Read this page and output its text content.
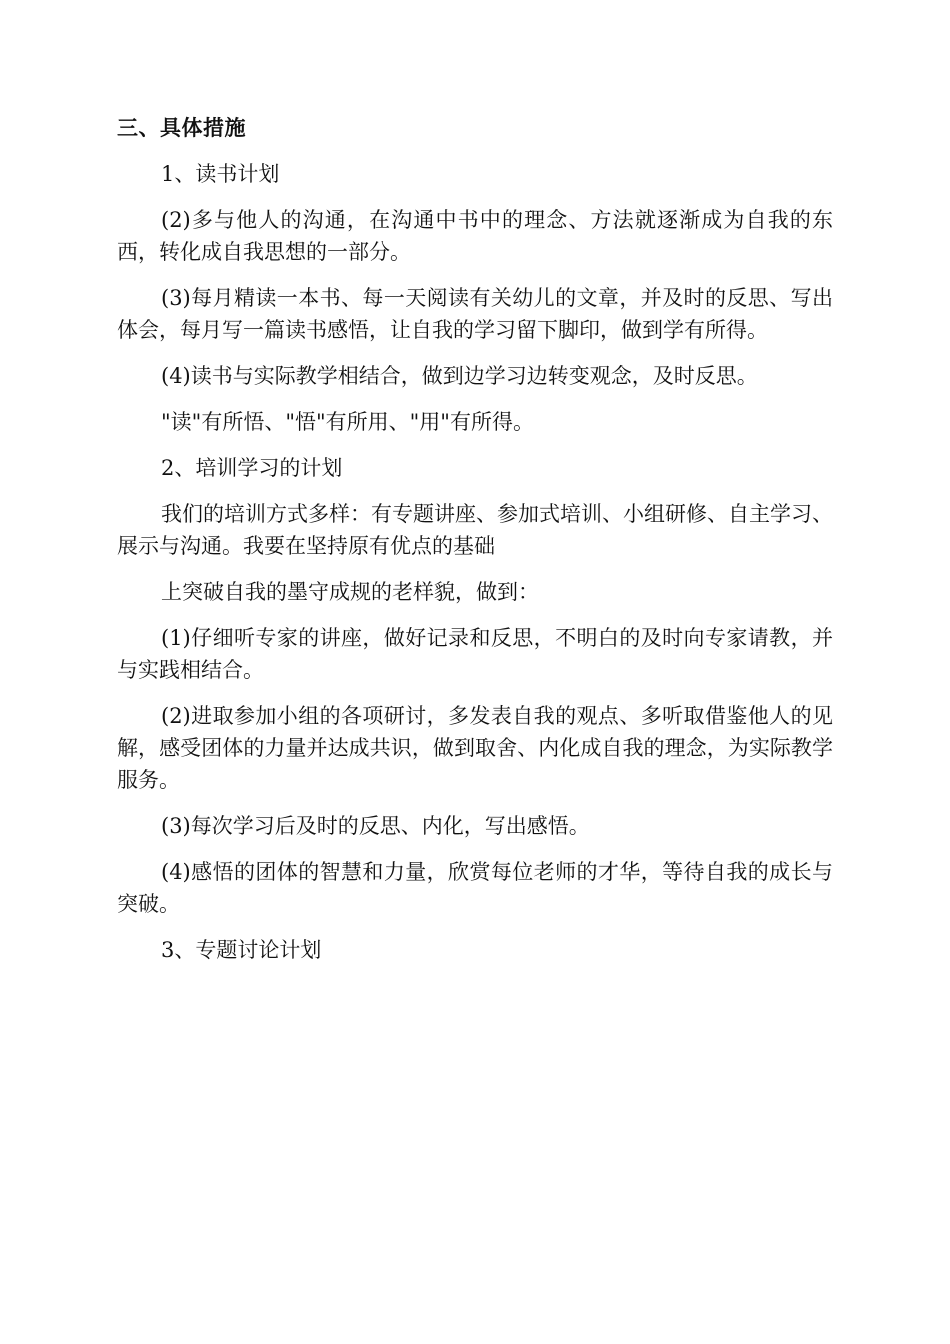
三、具体措施

1、读书计划

(2)多与他人的沟通，在沟通中书中的理念、方法就逐渐成为自我的东西，转化成自我思想的一部分。

(3)每月精读一本书、每一天阅读有关幼儿的文章，并及时的反思、写出体会，每月写一篇读书感悟，让自我的学习留下脚印，做到学有所得。

(4)读书与实际教学相结合，做到边学习边转变观念，及时反思。

"读"有所悟、"悟"有所用、"用"有所得。

2、培训学习的计划

我们的培训方式多样：有专题讲座、参加式培训、小组研修、自主学习、展示与沟通。我要在坚持原有优点的基础

上突破自我的墨守成规的老样貌，做到：

(1)仔细听专家的讲座，做好记录和反思，不明白的及时向专家请教，并与实践相结合。

(2)进取参加小组的各项研讨，多发表自我的观点、多听取借鉴他人的见解，感受团体的力量并达成共识，做到取舍、内化成自我的理念，为实际教学服务。

(3)每次学习后及时的反思、内化，写出感悟。

(4)感悟的团体的智慧和力量，欣赏每位老师的才华，等待自我的成长与突破。

3、专题讨论计划
